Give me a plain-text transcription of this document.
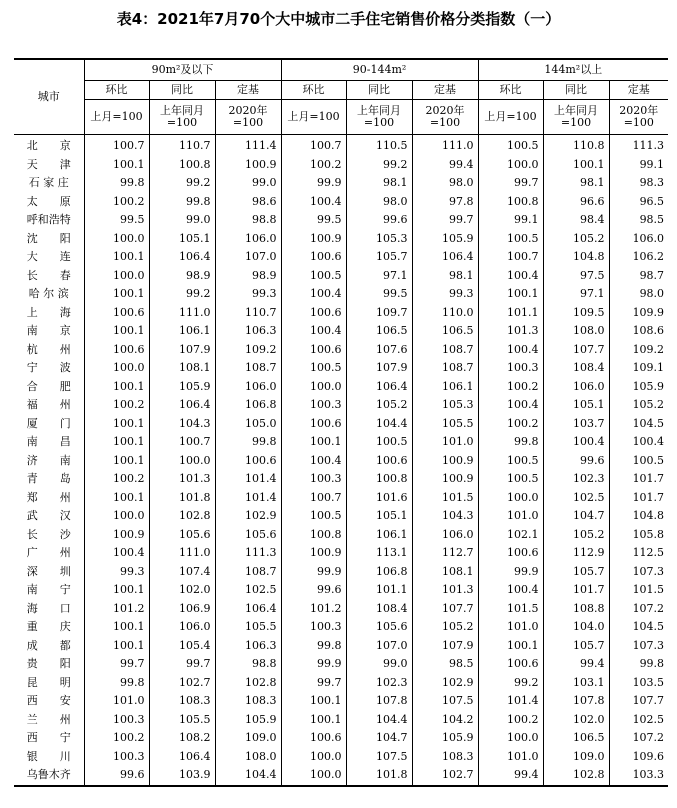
表4：2021年7月70个大中城市二手住宅销售价格分类指数（一）
城市	90m²及以下			90-144m²			144m²以上		
	环比	同比	定基	环比	同比	定基	环比	同比	定基
	上月=100	上年同月=100	2020年=100	上月=100	上年同月=100	2020年=100	上月=100	上年同月=100	2020年=100
北　　京	100.7	110.7	111.4	100.7	110.5	111.0	100.5	110.8	111.3
天　　津	100.1	100.8	100.9	100.2	99.2	99.4	100.0	100.1	99.1
石 家 庄	99.8	99.2	99.0	99.9	98.1	98.0	99.7	98.1	98.3
太　　原	100.2	99.8	98.6	100.4	98.0	97.8	100.8	96.6	96.5
呼和浩特	99.5	99.0	98.8	99.5	99.6	99.7	99.1	98.4	98.5
沈　　阳	100.0	105.1	106.0	100.9	105.3	105.9	100.5	105.2	106.0
大　　连	100.1	106.4	107.0	100.6	105.7	106.4	100.7	104.8	106.2
长　　春	100.0	98.9	98.9	100.5	97.1	98.1	100.4	97.5	98.7
哈 尔 滨	100.1	99.2	99.3	100.4	99.5	99.3	100.1	97.1	98.0
上　　海	100.6	111.0	110.7	100.6	109.7	110.0	101.1	109.5	109.9
南　　京	100.1	106.1	106.3	100.4	106.5	106.5	101.3	108.0	108.6
杭　　州	100.6	107.9	109.2	100.6	107.6	108.7	100.4	107.7	109.2
宁　　波	100.0	108.1	108.7	100.5	107.9	108.7	100.3	108.4	109.1
合　　肥	100.1	105.9	106.0	100.0	106.4	106.1	100.2	106.0	105.9
福　　州	100.2	106.4	106.8	100.3	105.2	105.3	100.4	105.1	105.2
厦　　门	100.1	104.3	105.0	100.6	104.4	105.5	100.2	103.7	104.5
南　　昌	100.1	100.7	99.8	100.1	100.5	101.0	99.8	100.4	100.4
济　　南	100.1	100.0	100.6	100.4	100.6	100.9	100.5	99.6	100.5
青　　岛	100.2	101.3	101.4	100.3	100.8	100.9	100.5	102.3	101.7
郑　　州	100.1	101.8	101.4	100.7	101.6	101.5	100.0	102.5	101.7
武　　汉	100.0	102.8	102.9	100.5	105.1	104.3	101.0	104.7	104.8
长　　沙	100.9	105.6	105.6	100.8	106.1	106.0	102.1	105.2	105.8
广　　州	100.4	111.0	111.3	100.9	113.1	112.7	100.6	112.9	112.5
深　　圳	99.3	107.4	108.7	99.9	106.8	108.1	99.9	105.7	107.3
南　　宁	100.1	102.0	102.5	99.6	101.1	101.3	100.4	101.7	101.5
海　　口	101.2	106.9	106.4	101.2	108.4	107.7	101.5	108.8	107.2
重　　庆	100.1	106.0	105.5	100.3	105.6	105.2	101.0	104.0	104.5
成　　都	100.1	105.4	106.3	99.8	107.0	107.9	100.1	105.7	107.3
贵　　阳	99.7	99.7	98.8	99.9	99.0	98.5	100.6	99.4	99.8
昆　　明	99.8	102.7	102.8	99.7	102.3	102.9	99.2	103.1	103.5
西　　安	101.0	108.3	108.3	100.1	107.8	107.5	101.4	107.8	107.7
兰　　州	100.3	105.5	105.9	100.1	104.4	104.2	100.2	102.0	102.5
西　　宁	100.2	108.2	109.0	100.6	104.7	105.9	100.0	106.5	107.2
银　　川	100.3	106.4	108.0	100.0	107.5	108.3	101.0	109.0	109.6
乌鲁木齐	99.6	103.9	104.4	100.0	101.8	102.7	99.4	102.8	103.3
